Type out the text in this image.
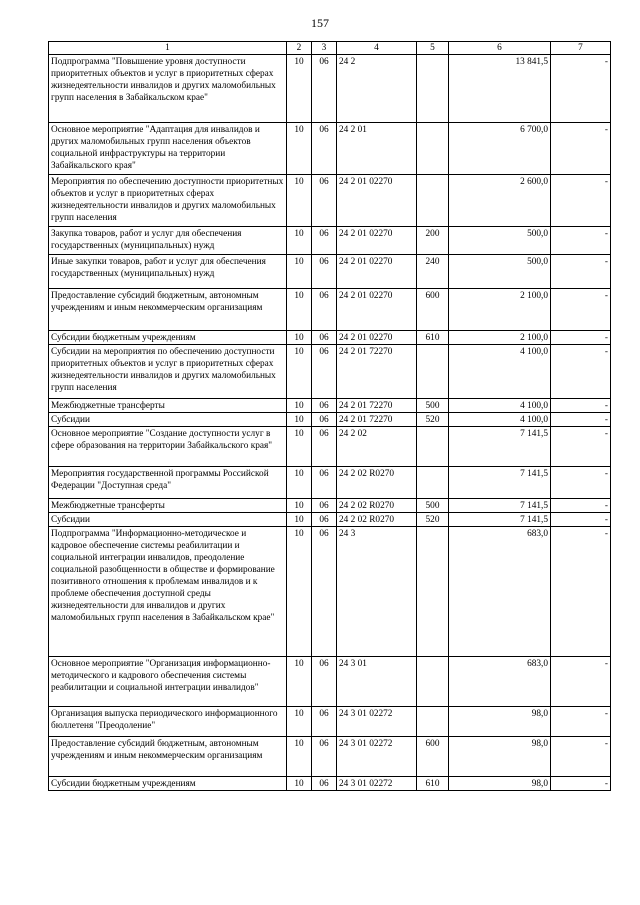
157
1	2	3	4	5	6	7
Подпрограмма "Повышение уровня доступности приоритетных объектов и услуг в приоритетных сферах жизнедеятельности инвалидов и других маломобильных групп населения в Забайкальском крае"	10	06	24 2		13 841,5	-
Основное мероприятие "Адаптация для инвалидов и других маломобильных групп населения объектов социальной инфраструктуры на территории Забайкальского края"	10	06	24 2 01		6 700,0	-
Мероприятия по обеспечению доступности приоритетных объектов и услуг в приоритетных сферах жизнедеятельности инвалидов и других маломобильных групп населения	10	06	24 2 01 02270		2 600,0	-
Закупка товаров, работ и услуг для обеспечения государственных (муниципальных) нужд	10	06	24 2 01 02270	200	500,0	-
Иные закупки товаров, работ и услуг для обеспечения государственных (муниципальных) нужд	10	06	24 2 01 02270	240	500,0	-
Предоставление субсидий бюджетным, автономным учреждениям и иным некоммерческим организациям	10	06	24 2 01 02270	600	2 100,0	-
Субсидии бюджетным учреждениям	10	06	24 2 01 02270	610	2 100,0	-
Субсидии на мероприятия по обеспечению доступности приоритетных объектов и услуг в приоритетных сферах жизнедеятельности инвалидов и других маломобильных групп населения	10	06	24 2 01 72270		4 100,0	-
Межбюджетные трансферты	10	06	24 2 01 72270	500	4 100,0	-
Субсидии	10	06	24 2 01 72270	520	4 100,0	-
Основное мероприятие "Создание доступности услуг в сфере образования на территории Забайкальского края"	10	06	24 2 02		7 141,5	-
Мероприятия государственной программы Российской Федерации "Доступная среда"	10	06	24 2 02 R0270		7 141,5	-
Межбюджетные трансферты	10	06	24 2 02 R0270	500	7 141,5	-
Субсидии	10	06	24 2 02 R0270	520	7 141,5	-
Подпрограмма "Информационно-методическое и кадровое обеспечение системы реабилитации и социальной интеграции инвалидов, преодоление социальной разобщенности в обществе и формирование позитивного отношения к проблемам инвалидов и к проблеме обеспечения доступной среды жизнедеятельности для инвалидов и других маломобильных групп населения в Забайкальском крае"	10	06	24 3		683,0	-
Основное мероприятие "Организация информационно-методического и кадрового обеспечения системы реабилитации и социальной интеграции инвалидов"	10	06	24 3 01		683,0	-
Организация выпуска периодического информационного бюллетеня "Преодоление"	10	06	24 3 01 02272		98,0	-
Предоставление субсидий бюджетным, автономным учреждениям и иным некоммерческим организациям	10	06	24 3 01 02272	600	98,0	-
Субсидии бюджетным учреждениям	10	06	24 3 01 02272	610	98,0	-
